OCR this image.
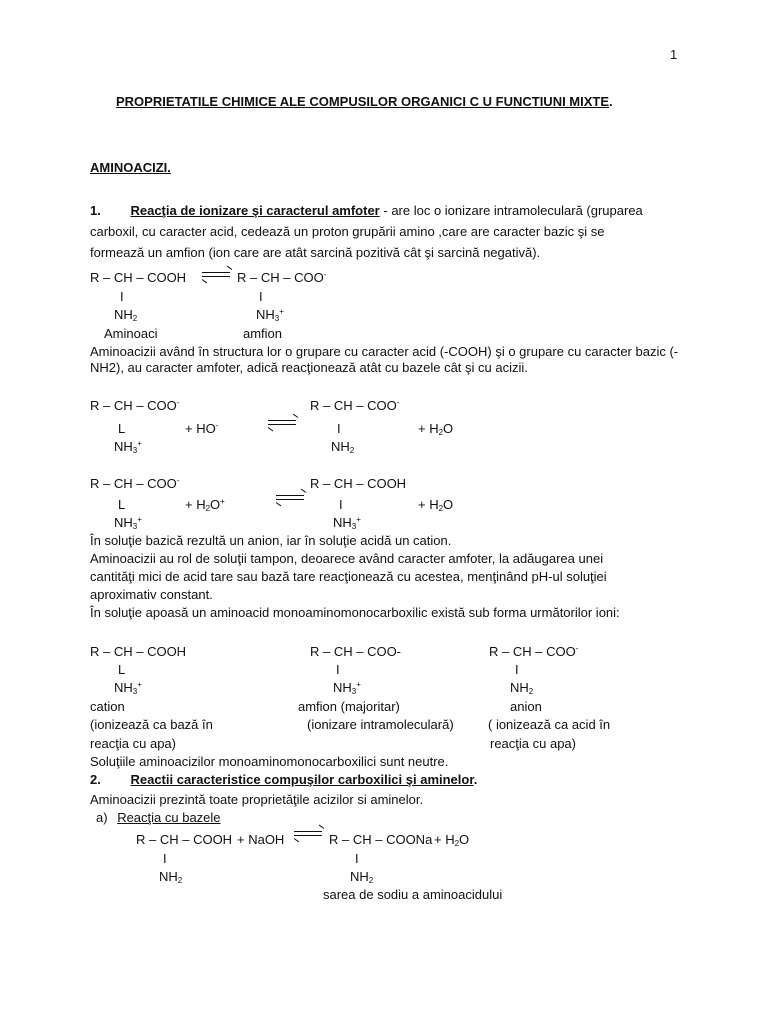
1
PROPRIETATILE CHIMICE ALE COMPUSILOR ORGANICI C U FUNCTIUNI MIXTE.
AMINOACIZI.
1. Reacţia de ionizare şi caracterul amfoter - are loc o ionizare intramoleculară (gruparea
carboxil, cu caracter acid, cedează un proton grupării amino ,care are caracter bazic şi se
formează un amfion (ion care are atât sarcină pozitivă cât şi sarcină negativă).
R – CH – COOH	R – CH – COO-
I	I
$NH_2$	$NH_3^+$
Aminoaci	amfion
Aminoacizii având în structura lor o grupare cu caracter acid (-COOH) şi o grupare cu caracter bazic (-NH2), au caracter amfoter, adică reacţionează atât cu bazele cât şi cu acizii.
R – CH – COO-	R – CH – COO-
L	+ HO-	I	+ $H_2O$
$NH_3^+$	$NH_2$
R – CH – COO-	R – CH – COOH
L	+ $H_2O^+$	I	+ $H_2O$
$NH_3^+$	$NH_3^+$
În soluţie bazică rezultă un anion, iar în soluţie acidă un cation.
Aminoacizii au rol de soluţii tampon, deoarece având caracter amfoter, la adăugarea unei
cantităţi mici de acid tare sau bază tare reacţionează cu acestea, menţinând pH-ul soluţiei
aproximativ constant.
În soluţie apoasă un aminoacid monoaminomonocarboxilic există sub forma următorilor ioni:
R – CH – COOH
L
$NH_3^+$
cation
(ionizează ca bază în
reacţia cu apa)
R – CH – COO-
I
$NH_3^+$
amfion (majoritar)
(ionizare intramoleculară)
R – CH – COO-
I
$NH_2$
anion
( ionizează ca acid în
reacţia cu apa)
Soluţiile aminoacizilor monoaminomonocarboxilici sunt neutre.
2. Reactii caracteristice compuşilor carboxilici şi aminelor.
Aminoacizii prezintă toate proprietăţile acizilor si aminelor.
a) Reacţia cu bazele
R – CH – COOH + NaOH	R – CH – COONa + $H_2O$
I	I
$NH_2$	$NH_2$
sarea de sodiu a aminoacidului
